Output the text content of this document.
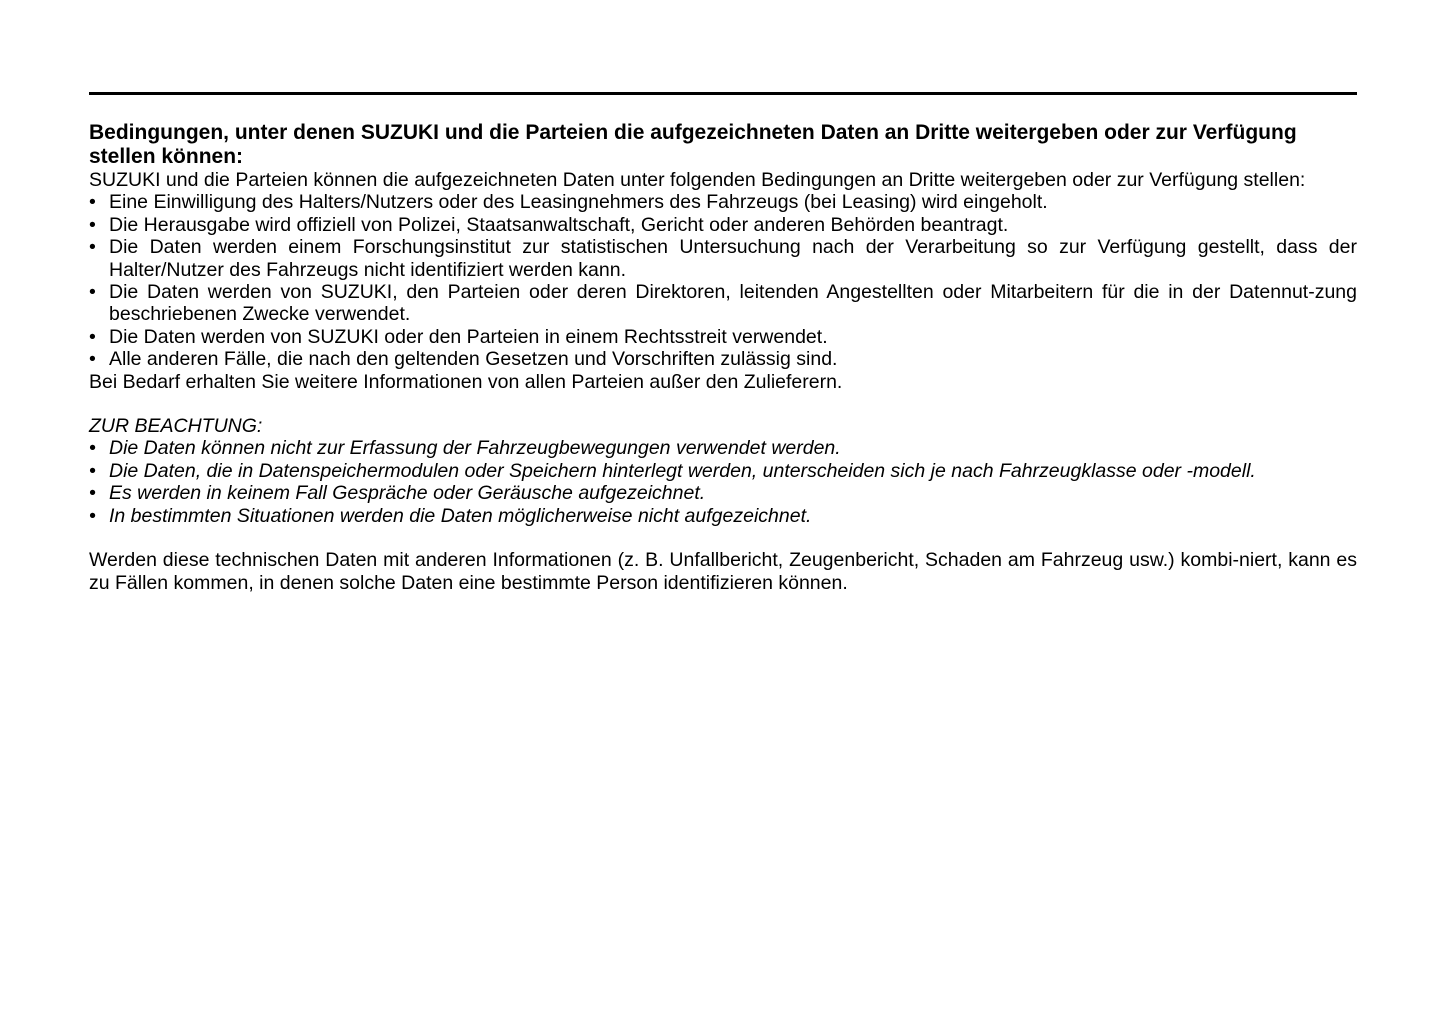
Bedingungen, unter denen SUZUKI und die Parteien die aufgezeichneten Daten an Dritte weitergeben oder zur Verfügung stellen können:

SUZUKI und die Parteien können die aufgezeichneten Daten unter folgenden Bedingungen an Dritte weitergeben oder zur Verfügung stellen:

• Eine Einwilligung des Halters/Nutzers oder des Leasingnehmers des Fahrzeugs (bei Leasing) wird eingeholt.
• Die Herausgabe wird offiziell von Polizei, Staatsanwaltschaft, Gericht oder anderen Behörden beantragt.
• Die Daten werden einem Forschungsinstitut zur statistischen Untersuchung nach der Verarbeitung so zur Verfügung gestellt, dass der Halter/Nutzer des Fahrzeugs nicht identifiziert werden kann.
• Die Daten werden von SUZUKI, den Parteien oder deren Direktoren, leitenden Angestellten oder Mitarbeitern für die in der Datennut-zung beschriebenen Zwecke verwendet.
• Die Daten werden von SUZUKI oder den Parteien in einem Rechtsstreit verwendet.
• Alle anderen Fälle, die nach den geltenden Gesetzen und Vorschriften zulässig sind.

Bei Bedarf erhalten Sie weitere Informationen von allen Parteien außer den Zulieferern.

ZUR BEACHTUNG:

• Die Daten können nicht zur Erfassung der Fahrzeugbewegungen verwendet werden.
• Die Daten, die in Datenspeichermodulen oder Speichern hinterlegt werden, unterscheiden sich je nach Fahrzeugklasse oder -modell.
• Es werden in keinem Fall Gespräche oder Geräusche aufgezeichnet.
• In bestimmten Situationen werden die Daten möglicherweise nicht aufgezeichnet.

Werden diese technischen Daten mit anderen Informationen (z. B. Unfallbericht, Zeugenbericht, Schaden am Fahrzeug usw.) kombi-niert, kann es zu Fällen kommen, in denen solche Daten eine bestimmte Person identifizieren können.
